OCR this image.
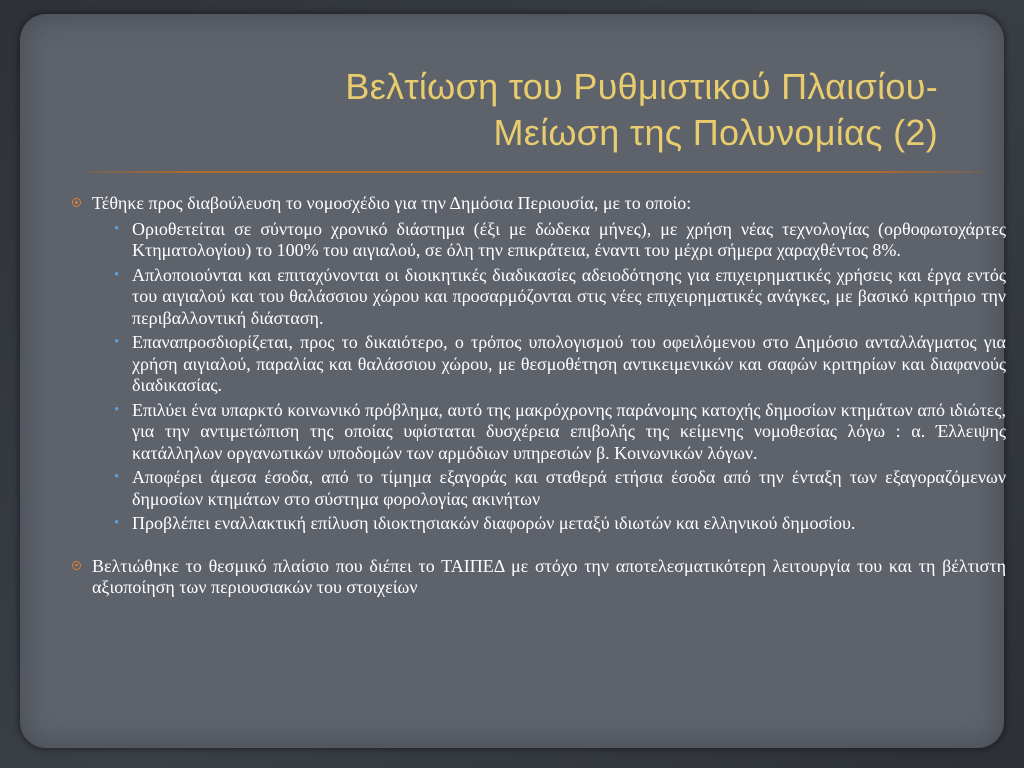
Βελτίωση του Ρυθμιστικού Πλαισίου-
Μείωση της Πολυνομίας (2)
Τέθηκε προς διαβούλευση το νομοσχέδιο για την Δημόσια Περιουσία, με το οποίο:
• Οριοθετείται σε σύντομο χρονικό διάστημα (έξι με δώδεκα μήνες), με χρήση νέας τεχνολογίας (ορθοφωτοχάρτες Κτηματολογίου) το 100% του αιγιαλού, σε όλη την επικράτεια, έναντι του μέχρι σήμερα χαραχθέντος 8%.
• Απλοποιούνται και επιταχύνονται οι διοικητικές διαδικασίες αδειοδότησης για επιχειρηματικές χρήσεις και έργα εντός του αιγιαλού και του θαλάσσιου χώρου και προσαρμόζονται στις νέες επιχειρηματικές ανάγκες, με βασικό κριτήριο την περιβαλλοντική διάσταση.
• Επαναπροσδιορίζεται, προς το δικαιότερο, ο τρόπος υπολογισμού του οφειλόμενου στο Δημόσιο ανταλλάγματος για χρήση αιγιαλού, παραλίας και θαλάσσιου χώρου, με θεσμοθέτηση αντικειμενικών και σαφών κριτηρίων και διαφανούς διαδικασίας.
• Επιλύει ένα υπαρκτό κοινωνικό πρόβλημα, αυτό της μακρόχρονης παράνομης κατοχής δημοσίων κτημάτων από ιδιώτες, για την αντιμετώπιση της οποίας υφίσταται δυσχέρεια επιβολής της κείμενης νομοθεσίας λόγω : α. Έλλειψης κατάλληλων οργανωτικών υποδομών των αρμόδιων υπηρεσιών β. Κοινωνικών λόγων.
• Αποφέρει άμεσα έσοδα, από το τίμημα εξαγοράς και σταθερά ετήσια έσοδα από την ένταξη των εξαγοραζόμενων δημοσίων κτημάτων στο σύστημα φορολογίας ακινήτων
• Προβλέπει εναλλακτική επίλυση ιδιοκτησιακών διαφορών μεταξύ ιδιωτών και ελληνικού δημοσίου.
Βελτιώθηκε το θεσμικό πλαίσιο που διέπει το ΤΑΙΠΕΔ με στόχο την αποτελεσματικότερη λειτουργία του και τη βέλτιστη αξιοποίηση των περιουσιακών του στοιχείων
